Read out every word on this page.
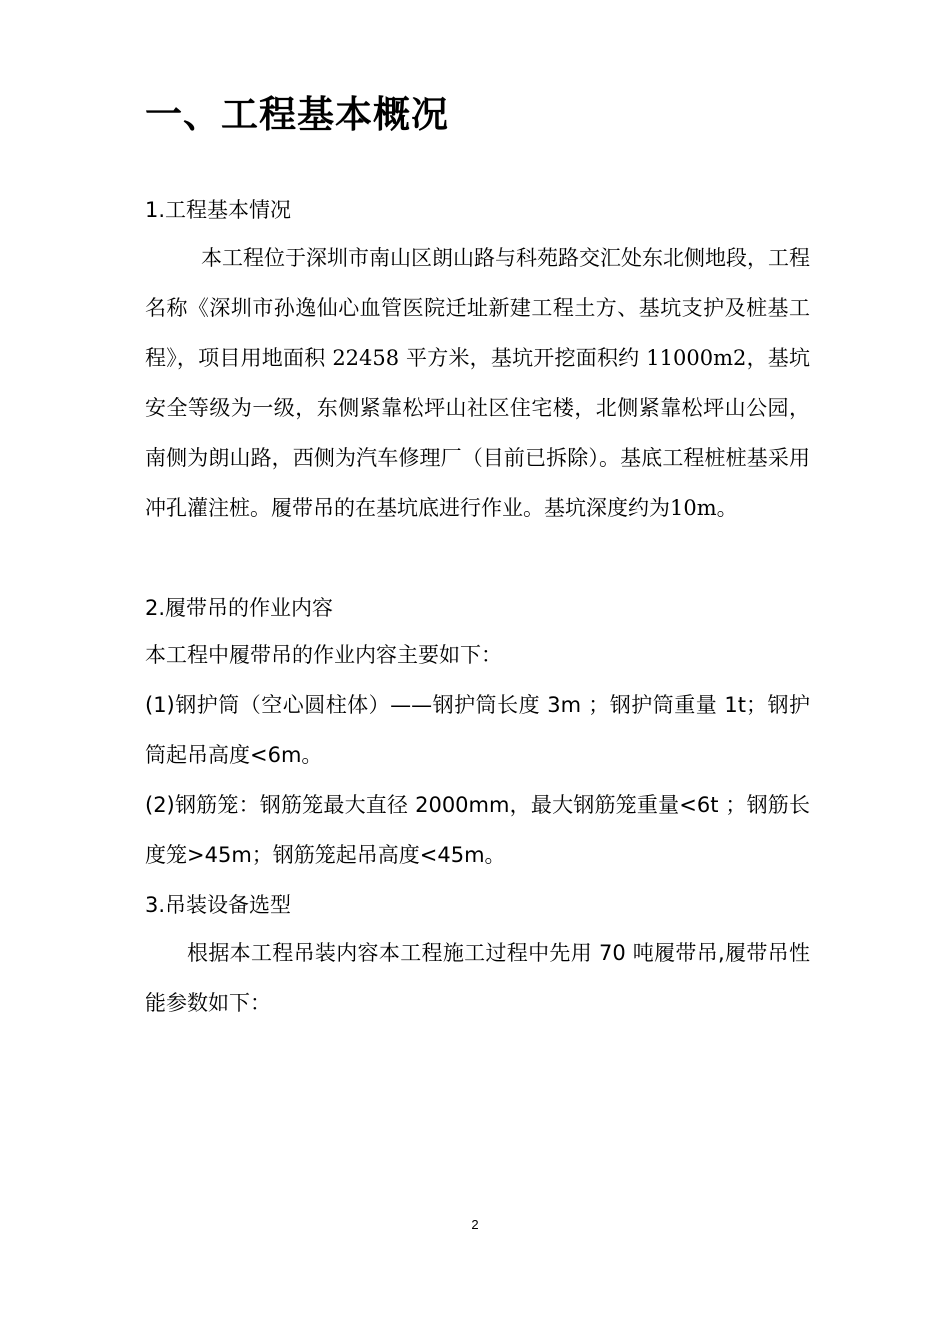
一、工程基本概况
1.工程基本情况

本工程位于深圳市南山区朗山路与科苑路交汇处东北侧地段，工程名称《深圳市孙逸仙心血管医院迁址新建工程土方、基坑支护及桩基工程》，项目用地面积 22458 平方米，基坑开挖面积约 11000m2，基坑安全等级为一级，东侧紧靠松坪山社区住宅楼，北侧紧靠松坪山公园，南侧为朗山路，西侧为汽车修理厂（目前已拆除）。基底工程桩桩基采用冲孔灌注桩。履带吊的在基坑底进行作业。基坑深度约为10m。

2.履带吊的作业内容

本工程中履带吊的作业内容主要如下：

(1)钢护筒（空心圆柱体）——钢护筒长度 3m ；钢护筒重量 1t；钢护筒起吊高度<6m。

(2)钢筋笼：钢筋笼最大直径 2000mm，最大钢筋笼重量<6t ；钢筋长度笼>45m；钢筋笼起吊高度<45m。

3.吊装设备选型

根据本工程吊装内容本工程施工过程中先用 70 吨履带吊,履带吊性能参数如下：

2
